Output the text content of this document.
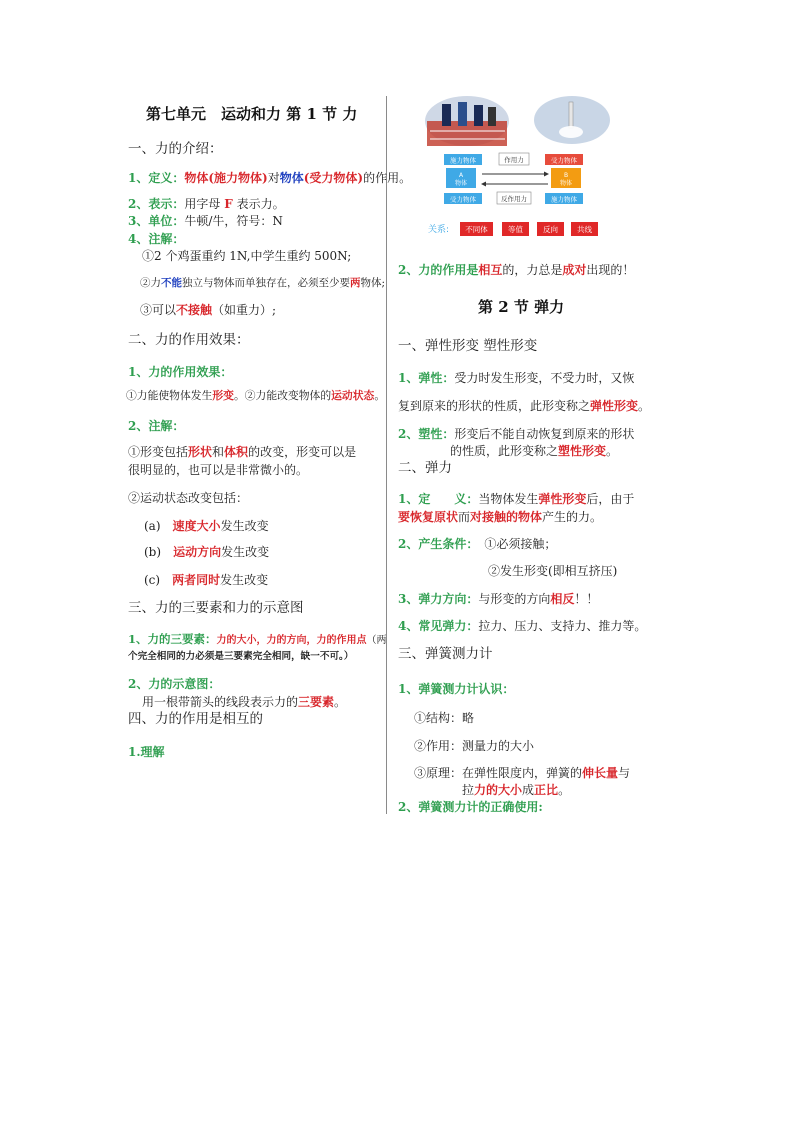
第七单元　运动和力 第 1 节 力
一、力的介绍：
1、定义：物体(施力物体)对物体(受力物体)的作用。
2、表示：用字母 F 表示力。
3、单位：牛顿/牛，符号：N
4、注解：
①2 个鸡蛋重约 1N,中学生重约 500N;
②力不能独立与物体而单独存在，必须至少要两物体;
③可以不接触（如重力）;
二、力的作用效果：
1、力的作用效果：
①力能使物体发生形变。②力能改变物体的运动状态。
2、注解：
①形变包括形状和体积的改变，形变可以是
很明显的，也可以是非常微小的。
②运动状态改变包括：
(a)　 速度大小发生改变
(b)　 运动方向发生改变
(c)　 两者同时发生改变
三、力的三要素和力的示意图
1、力的三要素：力的大小，力的方向，力的作用点（两
个完全相同的力必须是三要素完全相同，缺一不可。）
2、力的示意图：
用一根带箭头的线段表示力的三要素。
四、力的作用是相互的
1.理解
施力物体	作用力	受力物体
A
物体
B
物体
受力物体	反作用力	施力物体
关系: 不同体	等值	反向	共线
2、力的作用是相互的，力总是成对出现的！
第 2 节 弹力
一、弹性形变 塑性形变
1、弹性：受力时发生形变，不受力时，又恢
复到原来的形状的性质，此形变称之弹性形变。
2、塑性：形变后不能自动恢复到原来的形状
的性质，此形变称之塑性形变。
二、弹力
1、定　　义：当物体发生弹性形变后，由于
要恢复原状而对接触的物体产生的力。
2、产生条件：　 ①必须接触；
②发生形变(即相互挤压)
3、弹力方向：与形变的方向相反！！
4、常见弹力：拉力、压力、支持力、推力等。
三、弹簧测力计
1、弹簧测力计认识：
①结构：略
②作用：测量力的大小
③原理：在弹性限度内，弹簧的伸长量与
拉力的大小成正比。
2、弹簧测力计的正确使用:
